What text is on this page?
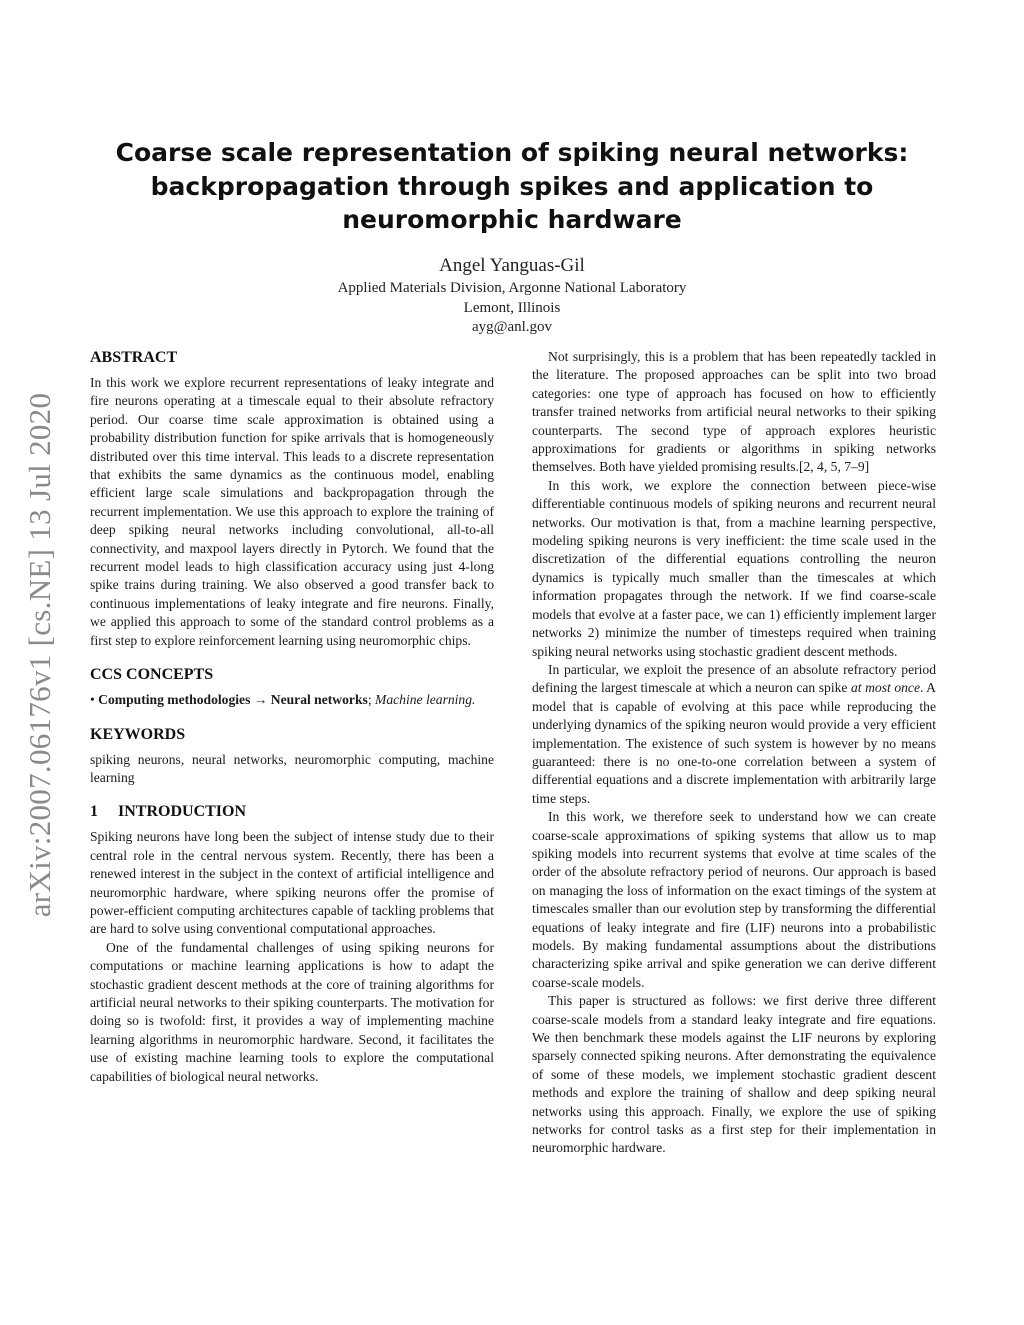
arXiv:2007.06176v1 [cs.NE] 13 Jul 2020
Coarse scale representation of spiking neural networks:
backpropagation through spikes and application to
neuromorphic hardware

Angel Yanguas-Gil

Applied Materials Division, Argonne National Laboratory

Lemont, Illinois

ayg@anl.gov

ABSTRACT

In this work we explore recurrent representations of leaky integrate and fire neurons operating at a timescale equal to their absolute refractory period. Our coarse time scale approximation is obtained using a probability distribution function for spike arrivals that is homogeneously distributed over this time interval. This leads to a discrete representation that exhibits the same dynamics as the continuous model, enabling efficient large scale simulations and backpropagation through the recurrent implementation. We use this approach to explore the training of deep spiking neural networks including convolutional, all-to-all connectivity, and maxpool layers directly in Pytorch. We found that the recurrent model leads to high classification accuracy using just 4-long spike trains during training. We also observed a good transfer back to continuous implementations of leaky integrate and fire neurons. Finally, we applied this approach to some of the standard control problems as a first step to explore reinforcement learning using neuromorphic chips.

CCS CONCEPTS

• Computing methodologies → Neural networks; Machine learning.

KEYWORDS

spiking neurons, neural networks, neuromorphic computing, machine learning

1 INTRODUCTION

Spiking neurons have long been the subject of intense study due to their central role in the central nervous system. Recently, there has been a renewed interest in the subject in the context of artificial intelligence and neuromorphic hardware, where spiking neurons offer the promise of power-efficient computing architectures capable of tackling problems that are hard to solve using conventional computational approaches.

One of the fundamental challenges of using spiking neurons for computations or machine learning applications is how to adapt the stochastic gradient descent methods at the core of training algorithms for artificial neural networks to their spiking counterparts. The motivation for doing so is twofold: first, it provides a way of implementing machine learning algorithms in neuromorphic hardware. Second, it facilitates the use of existing machine learning tools to explore the computational capabilities of biological neural networks.

Not surprisingly, this is a problem that has been repeatedly tackled in the literature. The proposed approaches can be split into two broad categories: one type of approach has focused on how to efficiently transfer trained networks from artificial neural networks to their spiking counterparts. The second type of approach explores heuristic approximations for gradients or algorithms in spiking networks themselves. Both have yielded promising results.[2, 4, 5, 7–9]

In this work, we explore the connection between piece-wise differentiable continuous models of spiking neurons and recurrent neural networks. Our motivation is that, from a machine learning perspective, modeling spiking neurons is very inefficient: the time scale used in the discretization of the differential equations controlling the neuron dynamics is typically much smaller than the timescales at which information propagates through the network. If we find coarse-scale models that evolve at a faster pace, we can 1) efficiently implement larger networks 2) minimize the number of timesteps required when training spiking neural networks using stochastic gradient descent methods.

In particular, we exploit the presence of an absolute refractory period defining the largest timescale at which a neuron can spike at most once. A model that is capable of evolving at this pace while reproducing the underlying dynamics of the spiking neuron would provide a very efficient implementation. The existence of such system is however by no means guaranteed: there is no one-to-one correlation between a system of differential equations and a discrete implementation with arbitrarily large time steps.

In this work, we therefore seek to understand how we can create coarse-scale approximations of spiking systems that allow us to map spiking models into recurrent systems that evolve at time scales of the order of the absolute refractory period of neurons. Our approach is based on managing the loss of information on the exact timings of the system at timescales smaller than our evolution step by transforming the differential equations of leaky integrate and fire (LIF) neurons into a probabilistic models. By making fundamental assumptions about the distributions characterizing spike arrival and spike generation we can derive different coarse-scale models.

This paper is structured as follows: we first derive three different coarse-scale models from a standard leaky integrate and fire equations. We then benchmark these models against the LIF neurons by exploring sparsely connected spiking neurons. After demonstrating the equivalence of some of these models, we implement stochastic gradient descent methods and explore the training of shallow and deep spiking neural networks using this approach. Finally, we explore the use of spiking networks for control tasks as a first step for their implementation in neuromorphic hardware.
